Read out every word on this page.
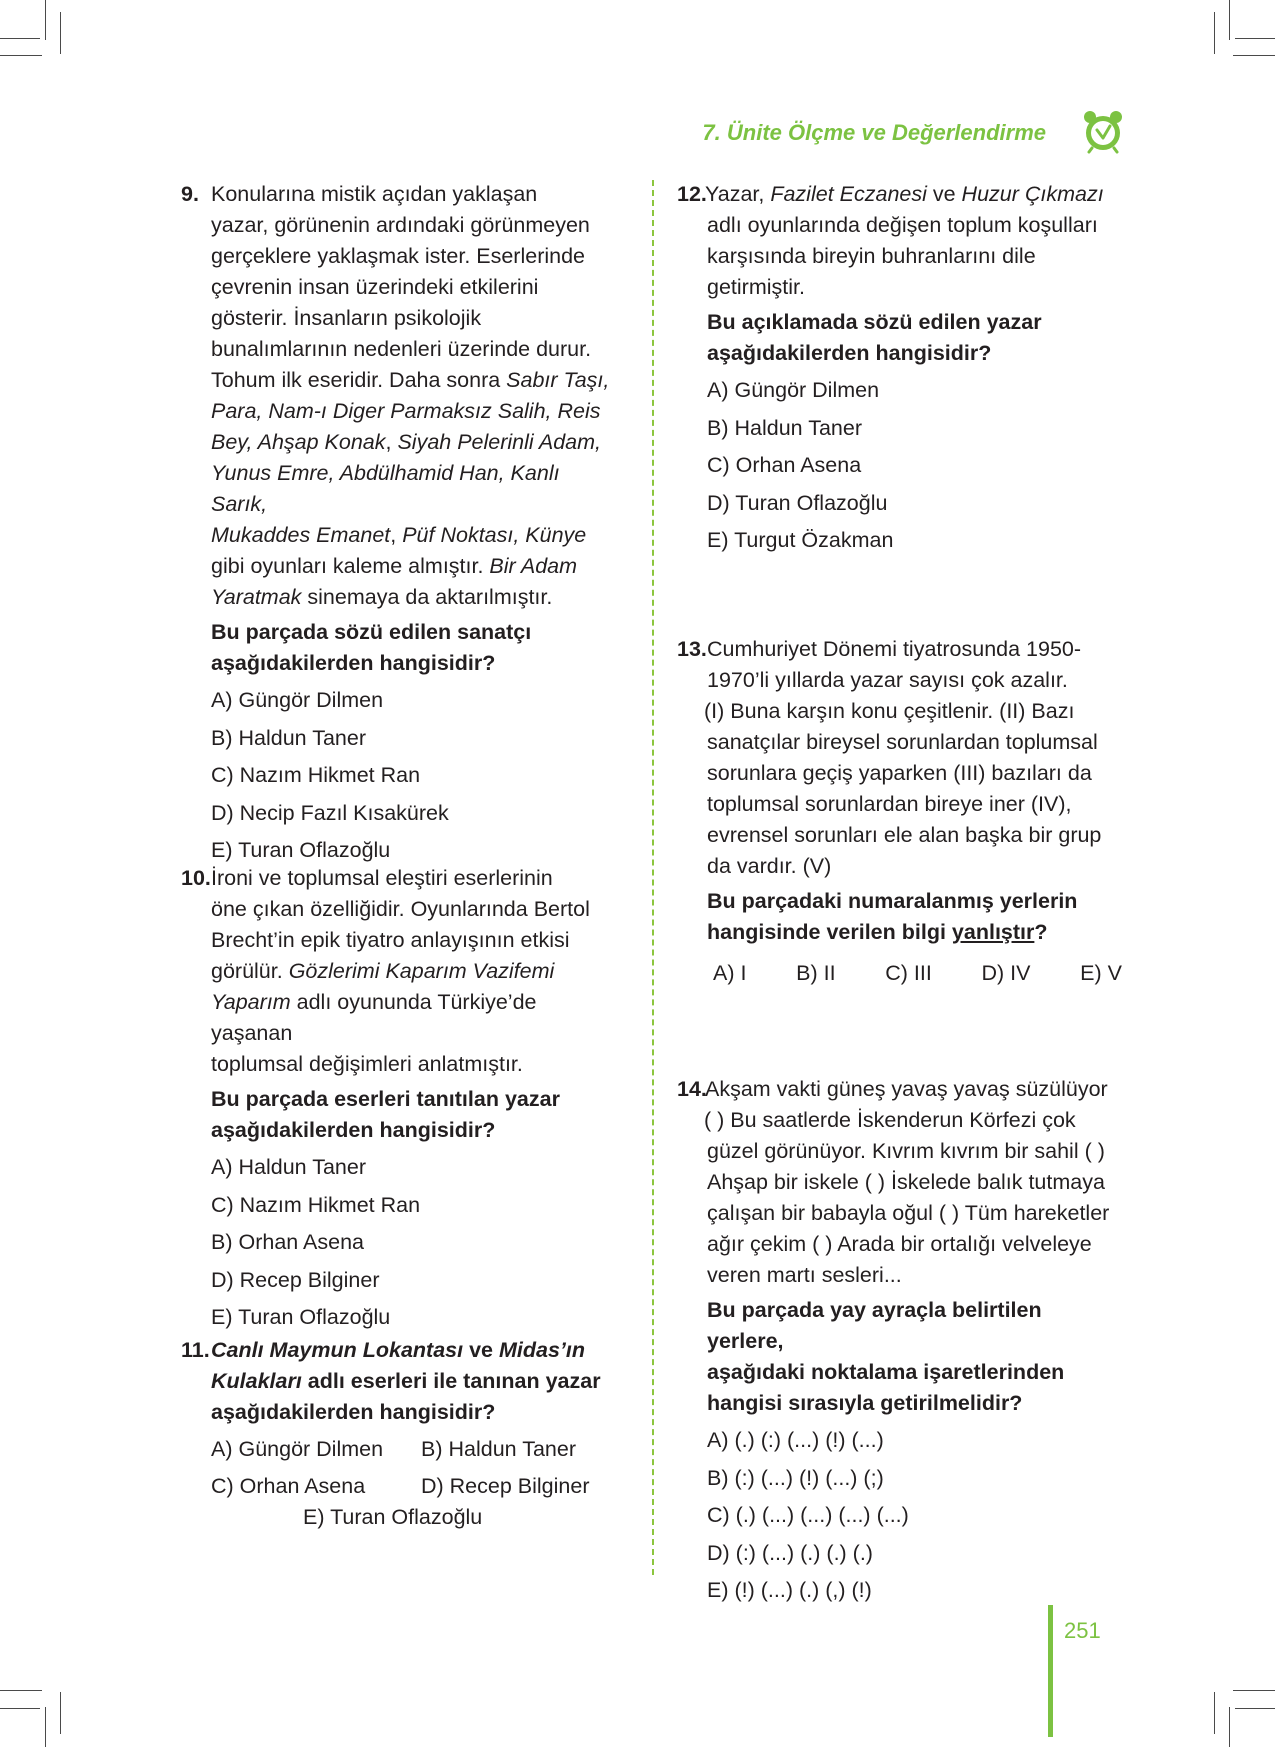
7. Ünite Ölçme ve Değerlendirme
9. Konularına mistik açıdan yaklaşan

yazar, görünenin ardındaki görünmeyen

gerçeklere yaklaşmak ister. Eserlerinde

çevrenin insan üzerindeki etkilerini

gösterir. İnsanların psikolojik

bunalımlarının nedenleri üzerinde durur.

Tohum ilk eseridir. Daha sonra Sabır Taşı,

Para, Nam-ı Diger Parmaksız Salih, Reis

Bey, Ahşap Konak, Siyah Pelerinli Adam,

Yunus Emre, Abdülhamid Han, Kanlı Sarık,

Mukaddes Emanet, Püf Noktası, Künye

gibi oyunları kaleme almıştır. Bir Adam

Yaratmak sinemaya da aktarılmıştır.

Bu parçada sözü edilen sanatçı

aşağıdakilerden hangisidir?

A) Güngör Dilmen

B) Haldun Taner

C) Nazım Hikmet Ran

D) Necip Fazıl Kısakürek

E) Turan Oflazoğlu

10. İroni ve toplumsal eleştiri eserlerinin

öne çıkan özelliğidir. Oyunlarında Bertol

Brecht’in epik tiyatro anlayışının etkisi

görülür. Gözlerimi Kaparım Vazifemi

Yaparım adlı oyununda Türkiye’de yaşanan

toplumsal değişimleri anlatmıştır.

Bu parçada eserleri tanıtılan yazar

aşağıdakilerden hangisidir?

A) Haldun Taner

C) Nazım Hikmet Ran

B) Orhan Asena

D) Recep Bilginer

E) Turan Oflazoğlu

11. Canlı Maymun Lokantası ve Midas’ın

Kulakları adlı eserleri ile tanınan yazar

aşağıdakilerden hangisidir?

A) Güngör Dilmen	B) Haldun Taner
C) Orhan Asena	D) Recep Bilginer

E) Turan Oflazoğlu

12.

Yazar, Fazilet Eczanesi ve Huzur Çıkmazı

adlı oyunlarında değişen toplum koşulları

karşısında bireyin buhranlarını dile

getirmiştir.

Bu açıklamada sözü edilen yazar

aşağıdakilerden hangisidir?

A) Güngör Dilmen

B) Haldun Taner

C) Orhan Asena

D) Turan Oflazoğlu

E) Turgut Özakman

13. Cumhuriyet Dönemi tiyatrosunda 1950-

1970’li yıllarda yazar sayısı çok azalır.

(I) Buna karşın konu çeşitlenir. (II) Bazı

sanatçılar bireysel sorunlardan toplumsal

sorunlara geçiş yaparken (III) bazıları da

toplumsal sorunlardan bireye iner (IV),

evrensel sorunları ele alan başka bir grup

da vardır. (V)

Bu parçadaki numaralanmış yerlerin

hangisinde verilen bilgi yanlıştır?

A) I B) II C) III D) IV E) V
14.

Akşam vakti güneş yavaş yavaş süzülüyor

( ) Bu saatlerde İskenderun Körfezi çok

güzel görünüyor. Kıvrım kıvrım bir sahil ( )

Ahşap bir iskele ( ) İskelede balık tutmaya

çalışan bir babayla oğul ( ) Tüm hareketler

ağır çekim ( ) Arada bir ortalığı velveleye

veren martı sesleri...

Bu parçada yay ayraçla belirtilen yerlere,

aşağıdaki noktalama işaretlerinden

hangisi sırasıyla getirilmelidir?

A) (.) (:) (...) (!) (...)

B) (:) (...) (!) (...) (;)

C) (.) (...) (...) (...) (...)

D) (:) (...) (.) (.) (.)

E) (!) (...) (.) (,) (!)

251
